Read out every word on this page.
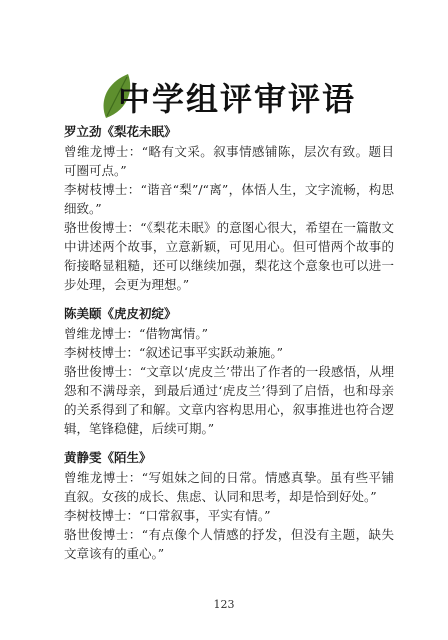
中学组评审评语
罗立劲《梨花未眠》
曾维龙博士：“略有文采。叙事情感铺陈，层次有致。题目可圈可点。”
李树枝博士：“谐音“梨”/“离”，体悟人生，文字流畅，构思细致。”
骆世俊博士：“《梨花未眠》的意图心很大，希望在一篇散文中讲述两个故事，立意新颖，可见用心。但可惜两个故事的衔接略显粗糙，还可以继续加强，梨花这个意象也可以进一步处理，会更为理想。”
陈美颐《虎皮初绽》
曾维龙博士：“借物寓情。”
李树枝博士：“叙述记事平实跃动兼施。”
骆世俊博士：“文章以‘虎皮兰’带出了作者的一段感悟，从埋怨和不满母亲，到最后通过‘虎皮兰’得到了启悟，也和母亲的关系得到了和解。文章内容构思用心，叙事推进也符合逻辑，笔锋稳健，后续可期。”
黄静雯《陌生》
曾维龙博士：“写姐妹之间的日常。情感真挚。虽有些平铺直叙。女孩的成长、焦虑、认同和思考，却是恰到好处。”
李树枝博士：“口常叙事，平实有情。”
骆世俊博士：“有点像个人情感的抒发，但没有主题，缺失文章该有的重心。”
123
